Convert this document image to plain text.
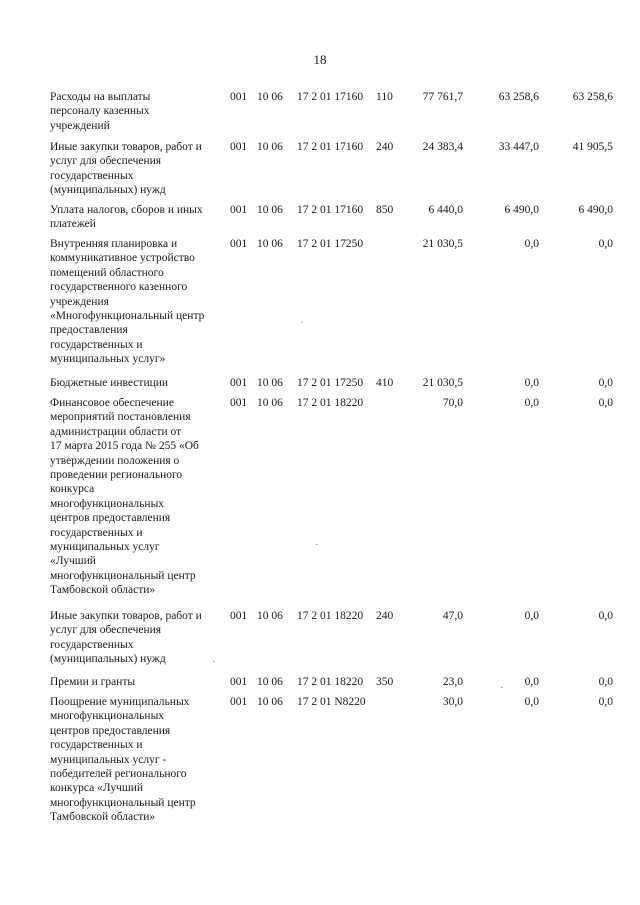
18
Расходы на выплаты
персоналу казенных
учреждений
001 10 06 17 2 01 17160 110	77 761,7	63 258,6	63 258,6
Иные закупки товаров, работ и
услуг для обеспечения
государственных
(муниципальных) нужд
001 10 06 17 2 01 17160 240	24 383,4	33 447,0	41 905,5
Уплата налогов, сборов и иных
платежей
001 10 06 17 2 01 17160 850	6 440,0	6 490,0	6 490,0
Внутренняя планировка и
коммуникативное устройство
помещений областного
государственного казенного
учреждения
«Многофункциональный центр
предоставления
государственных и
муниципальных услуг»
001 10 06 17 2 01 17250	21 030,5	0,0	0,0
Бюджетные инвестиции	001 10 06 17 2 01 17250 410	21 030,5	0,0	0,0
Финансовое обеспечение
мероприятий постановления
администрации области от
17 марта 2015 года № 255 «Об
утверждении положения о
проведении регионального
конкурса
многофункциональных
центров предоставления
государственных и
муниципальных услуг
«Лучший
многофункциональный центр
Тамбовской области»
001 10 06 17 2 01 18220	70,0	0,0	0,0
Иные закупки товаров, работ и
услуг для обеспечения
государственных
(муниципальных) нужд
001 10 06 17 2 01 18220 240	47,0	0,0	0,0
Премии и гранты	001 10 06 17 2 01 18220 350	23,0	0,0	0,0
Поощрение муниципальных
многофункциональных
центров предоставления
государственных и
муниципальных услуг -
победителей регионального
конкурса «Лучший
многофункциональный центр
Тамбовской области»
001 10 06 17 2 01 N8220	30,0	0,0	0,0
·
·
·
·
